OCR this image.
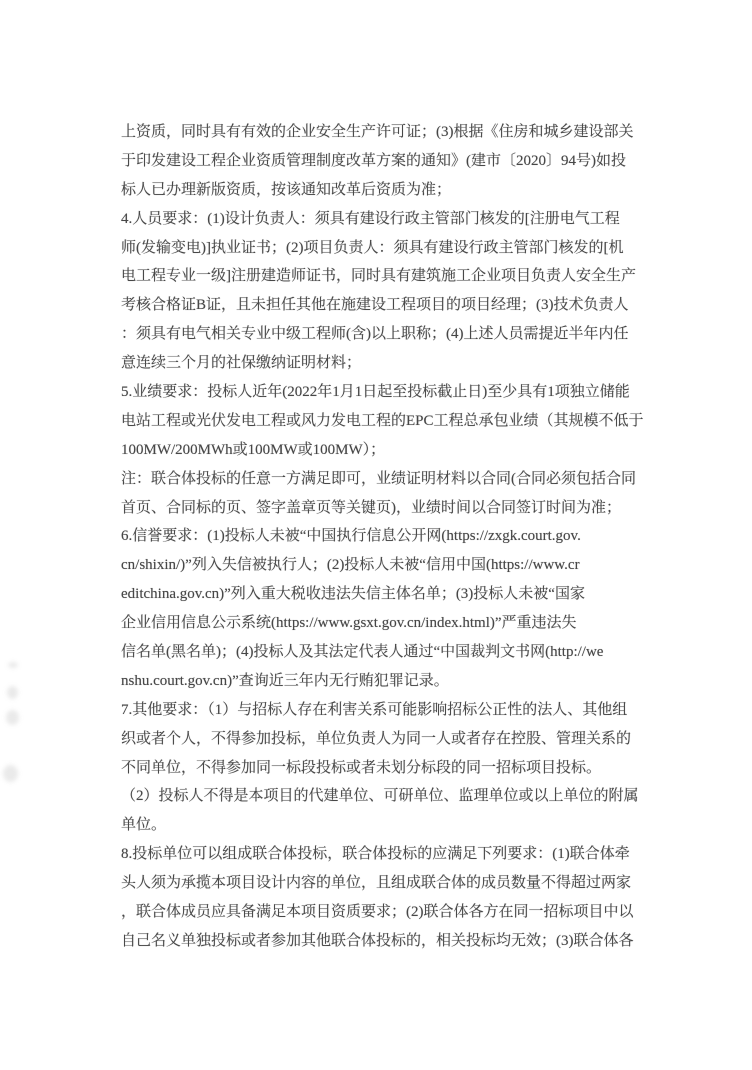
上资质，同时具有有效的企业安全生产许可证；(3)根据《住房和城乡建设部关
于印发建设工程企业资质管理制度改革方案的通知》(建市〔2020〕94号)如投
标人已办理新版资质，按该通知改革后资质为准；
4.人员要求：(1)设计负责人：须具有建设行政主管部门核发的[注册电气工程
师(发输变电)]执业证书；(2)项目负责人：须具有建设行政主管部门核发的[机
电工程专业一级]注册建造师证书，同时具有建筑施工企业项目负责人安全生产
考核合格证B证，且未担任其他在施建设工程项目的项目经理；(3)技术负责人
：须具有电气相关专业中级工程师(含)以上职称；(4)上述人员需提近半年内任
意连续三个月的社保缴纳证明材料；
5.业绩要求：投标人近年(2022年1月1日起至投标截止日)至少具有1项独立储能
电站工程或光伏发电工程或风力发电工程的EPC工程总承包业绩（其规模不低于
100MW/200MWh或100MW或100MW）；
注：联合体投标的任意一方满足即可，业绩证明材料以合同(合同必须包括合同
首页、合同标的页、签字盖章页等关键页)，业绩时间以合同签订时间为准；
6.信誉要求：(1)投标人未被“中国执行信息公开网(https://zxgk.court.gov.
cn/shixin/)”列入失信被执行人；(2)投标人未被“信用中国(https://www.cr
editchina.gov.cn)”列入重大税收违法失信主体名单；(3)投标人未被“国家
企业信用信息公示系统(https://www.gsxt.gov.cn/index.html)”严重违法失
信名单(黑名单)；(4)投标人及其法定代表人通过“中国裁判文书网(http://we
nshu.court.gov.cn)”查询近三年内无行贿犯罪记录。
7.其他要求：（1）与招标人存在利害关系可能影响招标公正性的法人、其他组
织或者个人，不得参加投标，单位负责人为同一人或者存在控股、管理关系的
不同单位，不得参加同一标段投标或者未划分标段的同一招标项目投标。
（2）投标人不得是本项目的代建单位、可研单位、监理单位或以上单位的附属
单位。
8.投标单位可以组成联合体投标，联合体投标的应满足下列要求：(1)联合体牵
头人须为承揽本项目设计内容的单位，且组成联合体的成员数量不得超过两家
，联合体成员应具备满足本项目资质要求；(2)联合体各方在同一招标项目中以
自己名义单独投标或者参加其他联合体投标的，相关投标均无效；(3)联合体各
